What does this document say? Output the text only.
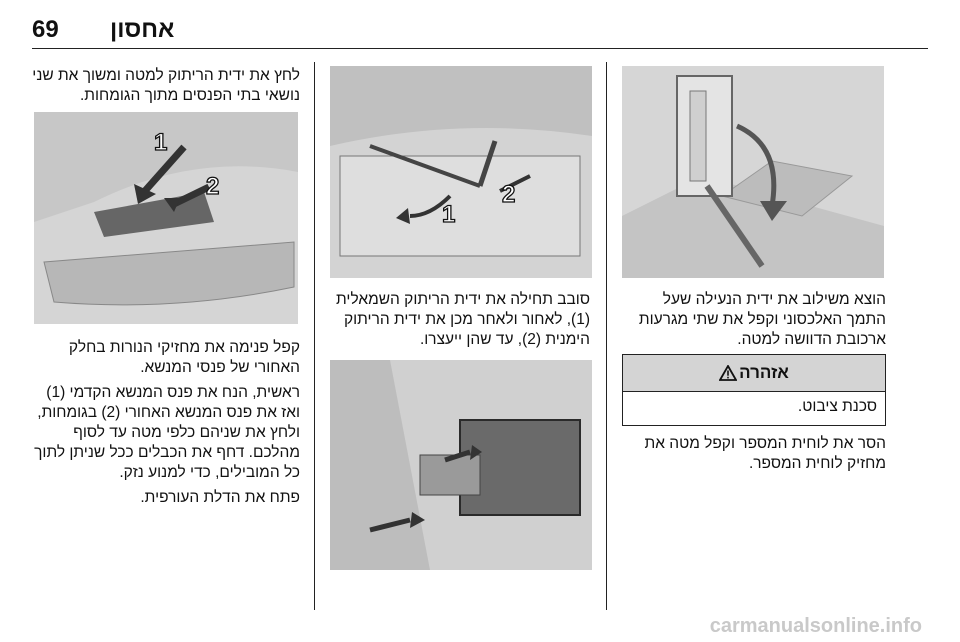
69 אחסון
הוצא משילוב את ידית הנעילה שעל התמך האלכסוני וקפל את שתי מגרעות ארכובת הדוושה למטה.
אזהרה
סכנת ציבוט.
הסר את לוחית המספר וקפל מטה את מחזיק לוחית המספר.
1
2
סובב תחילה את ידית הריתוק השמאלית (1), לאחור ולאחר מכן את ידית הריתוק הימנית (2), עד שהן ייעצרו.
לחץ את ידית הריתוק למטה ומשוך את שני נושאי בתי הפנסים מתוך הגומחות.
1
2

קפל פנימה את מחזיקי הנורות בחלק האחורי של פנסי המנשא.

ראשית, הנח את פנס המנשא הקדמי (1) ואז את פנס המנשא האחורי (2) בגומחות, ולחץ את שניהם כלפי מטה עד לסוף מהלכם. דחף את הכבלים ככל שניתן לתוך כל המובילים, כדי למנוע נזק.

פתח את הדלת העורפית.

carmanualsonline.info
